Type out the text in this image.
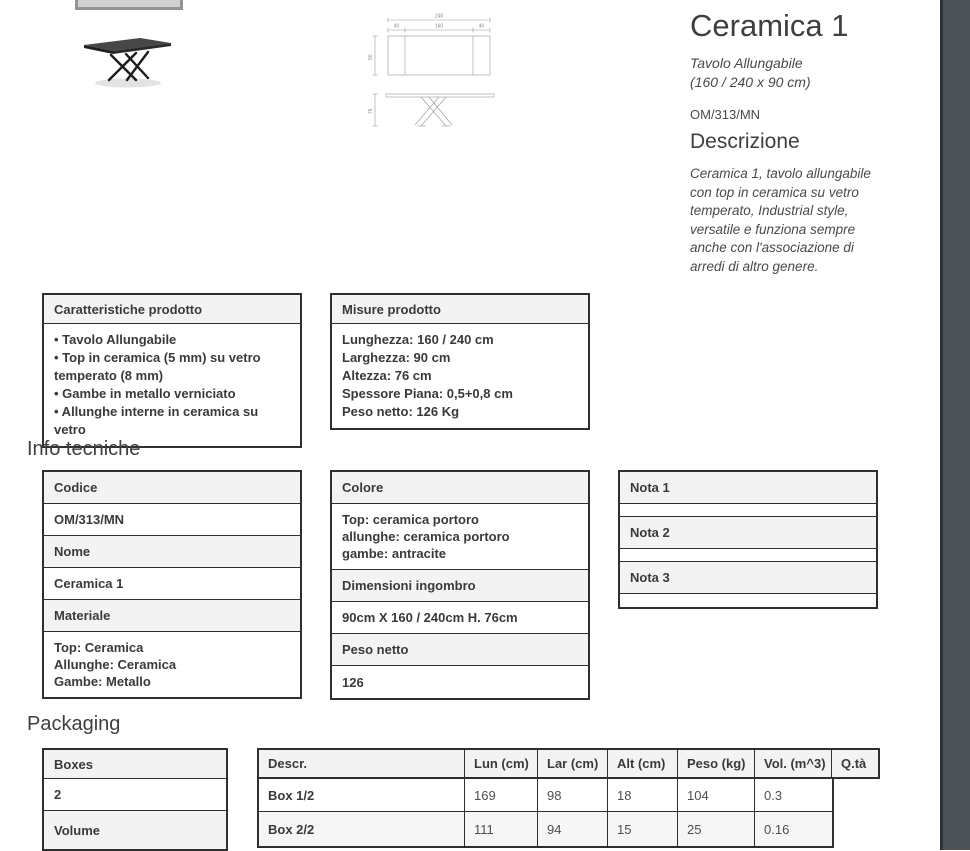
240
40	160	40
90
76
Ceramica 1
Tavolo Allungabile
(160 / 240 x 90 cm)
OM/313/MN
Descrizione
Ceramica 1, tavolo allungabile con top in ceramica su vetro temperato, Industrial style, versatile e funziona sempre anche con l'associazione di arredi di altro genere.
Caratteristiche prodotto
• Tavolo Allungabile
• Top in ceramica (5 mm) su vetro temperato (8 mm)
• Gambe in metallo verniciato
• Allunghe interne in ceramica su vetro
Misure prodotto
Lunghezza: 160 / 240 cm
Larghezza: 90 cm
Altezza: 76 cm
Spessore Piana: 0,5+0,8 cm
Peso netto: 126 Kg
Info tecniche
Codice
OM/313/MN
Nome
Ceramica 1
Materiale
Top: Ceramica
Allunghe: Ceramica
Gambe: Metallo
Colore
Top: ceramica portoro
allunghe: ceramica portoro
gambe: antracite
Dimensioni ingombro
90cm X 160 / 240cm H. 76cm
Peso netto
126
Nota 1
Nota 2
Nota 3
Packaging
Boxes
2
Volume
Descr.	Lun (cm)	Lar (cm)	Alt (cm)	Peso (kg)	Vol. (m^3)	Q.tà
Box 1/2	169	98	18	104	0.3
Box 2/2	111	94	15	25	0.16
